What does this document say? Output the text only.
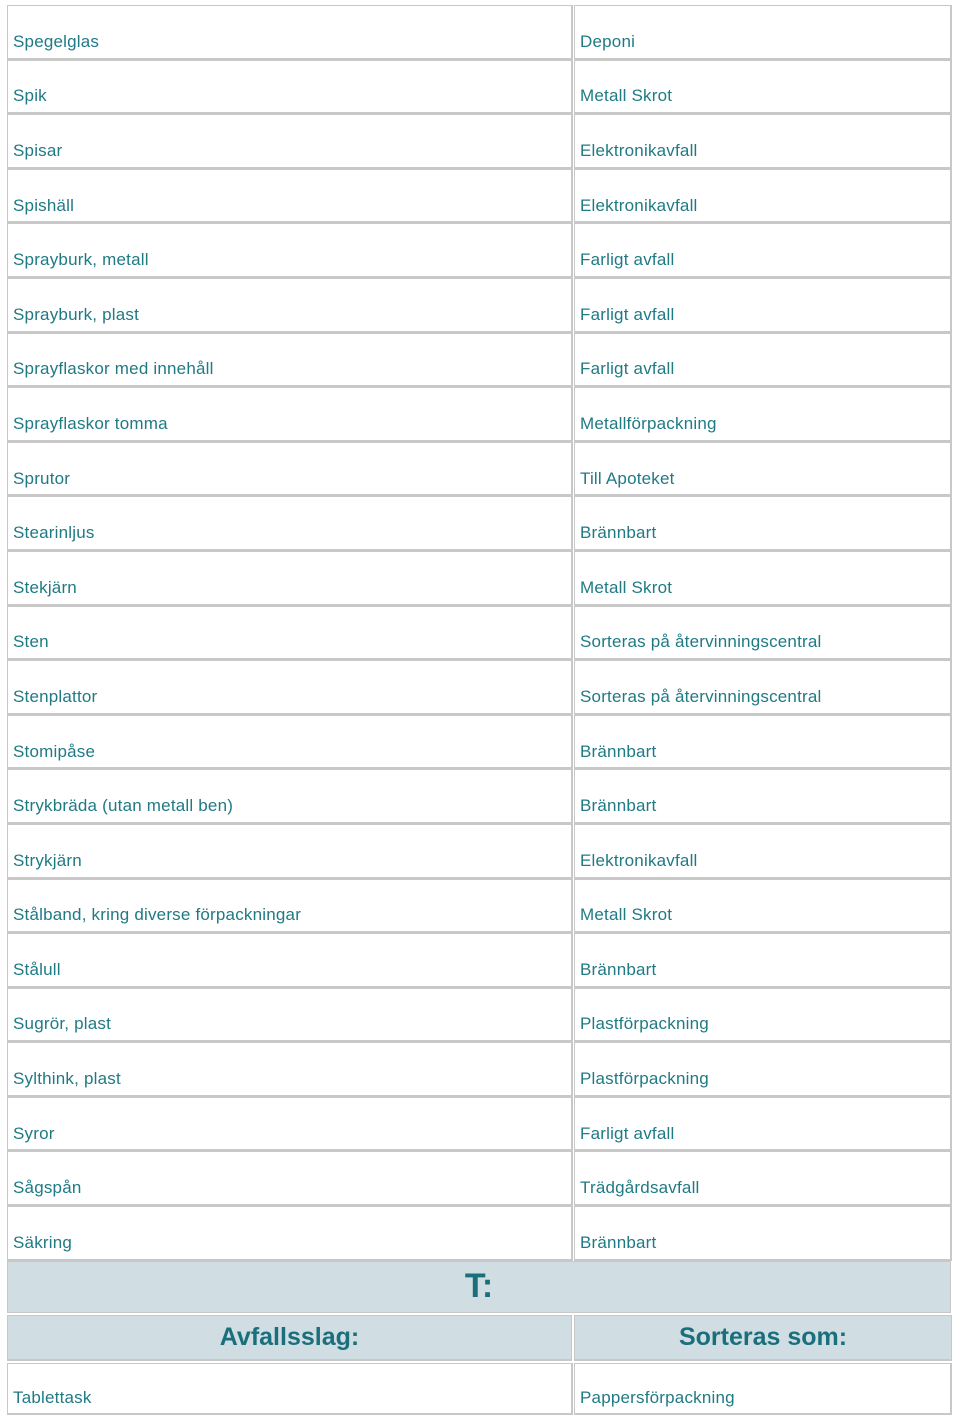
Spegelglas	Deponi
Spik	Metall Skrot
Spisar	Elektronikavfall
Spishäll	Elektronikavfall
Sprayburk, metall	Farligt avfall
Sprayburk, plast	Farligt avfall
Sprayflaskor med innehåll	Farligt avfall
Sprayflaskor tomma	Metallförpackning
Sprutor	Till Apoteket
Stearinljus	Brännbart
Stekjärn	Metall Skrot
Sten	Sorteras på återvinningscentral
Stenplattor	Sorteras på återvinningscentral
Stomipåse	Brännbart
Strykbräda (utan metall ben)	Brännbart
Strykjärn	Elektronikavfall
Stålband, kring diverse förpackningar	Metall Skrot
Stålull	Brännbart
Sugrör, plast	Plastförpackning
Sylthink, plast	Plastförpackning
Syror	Farligt avfall
Sågspån	Trädgårdsavfall
Säkring	Brännbart
T:
Avfallsslag:	Sorteras som:
Tablettask	Pappersförpackning
